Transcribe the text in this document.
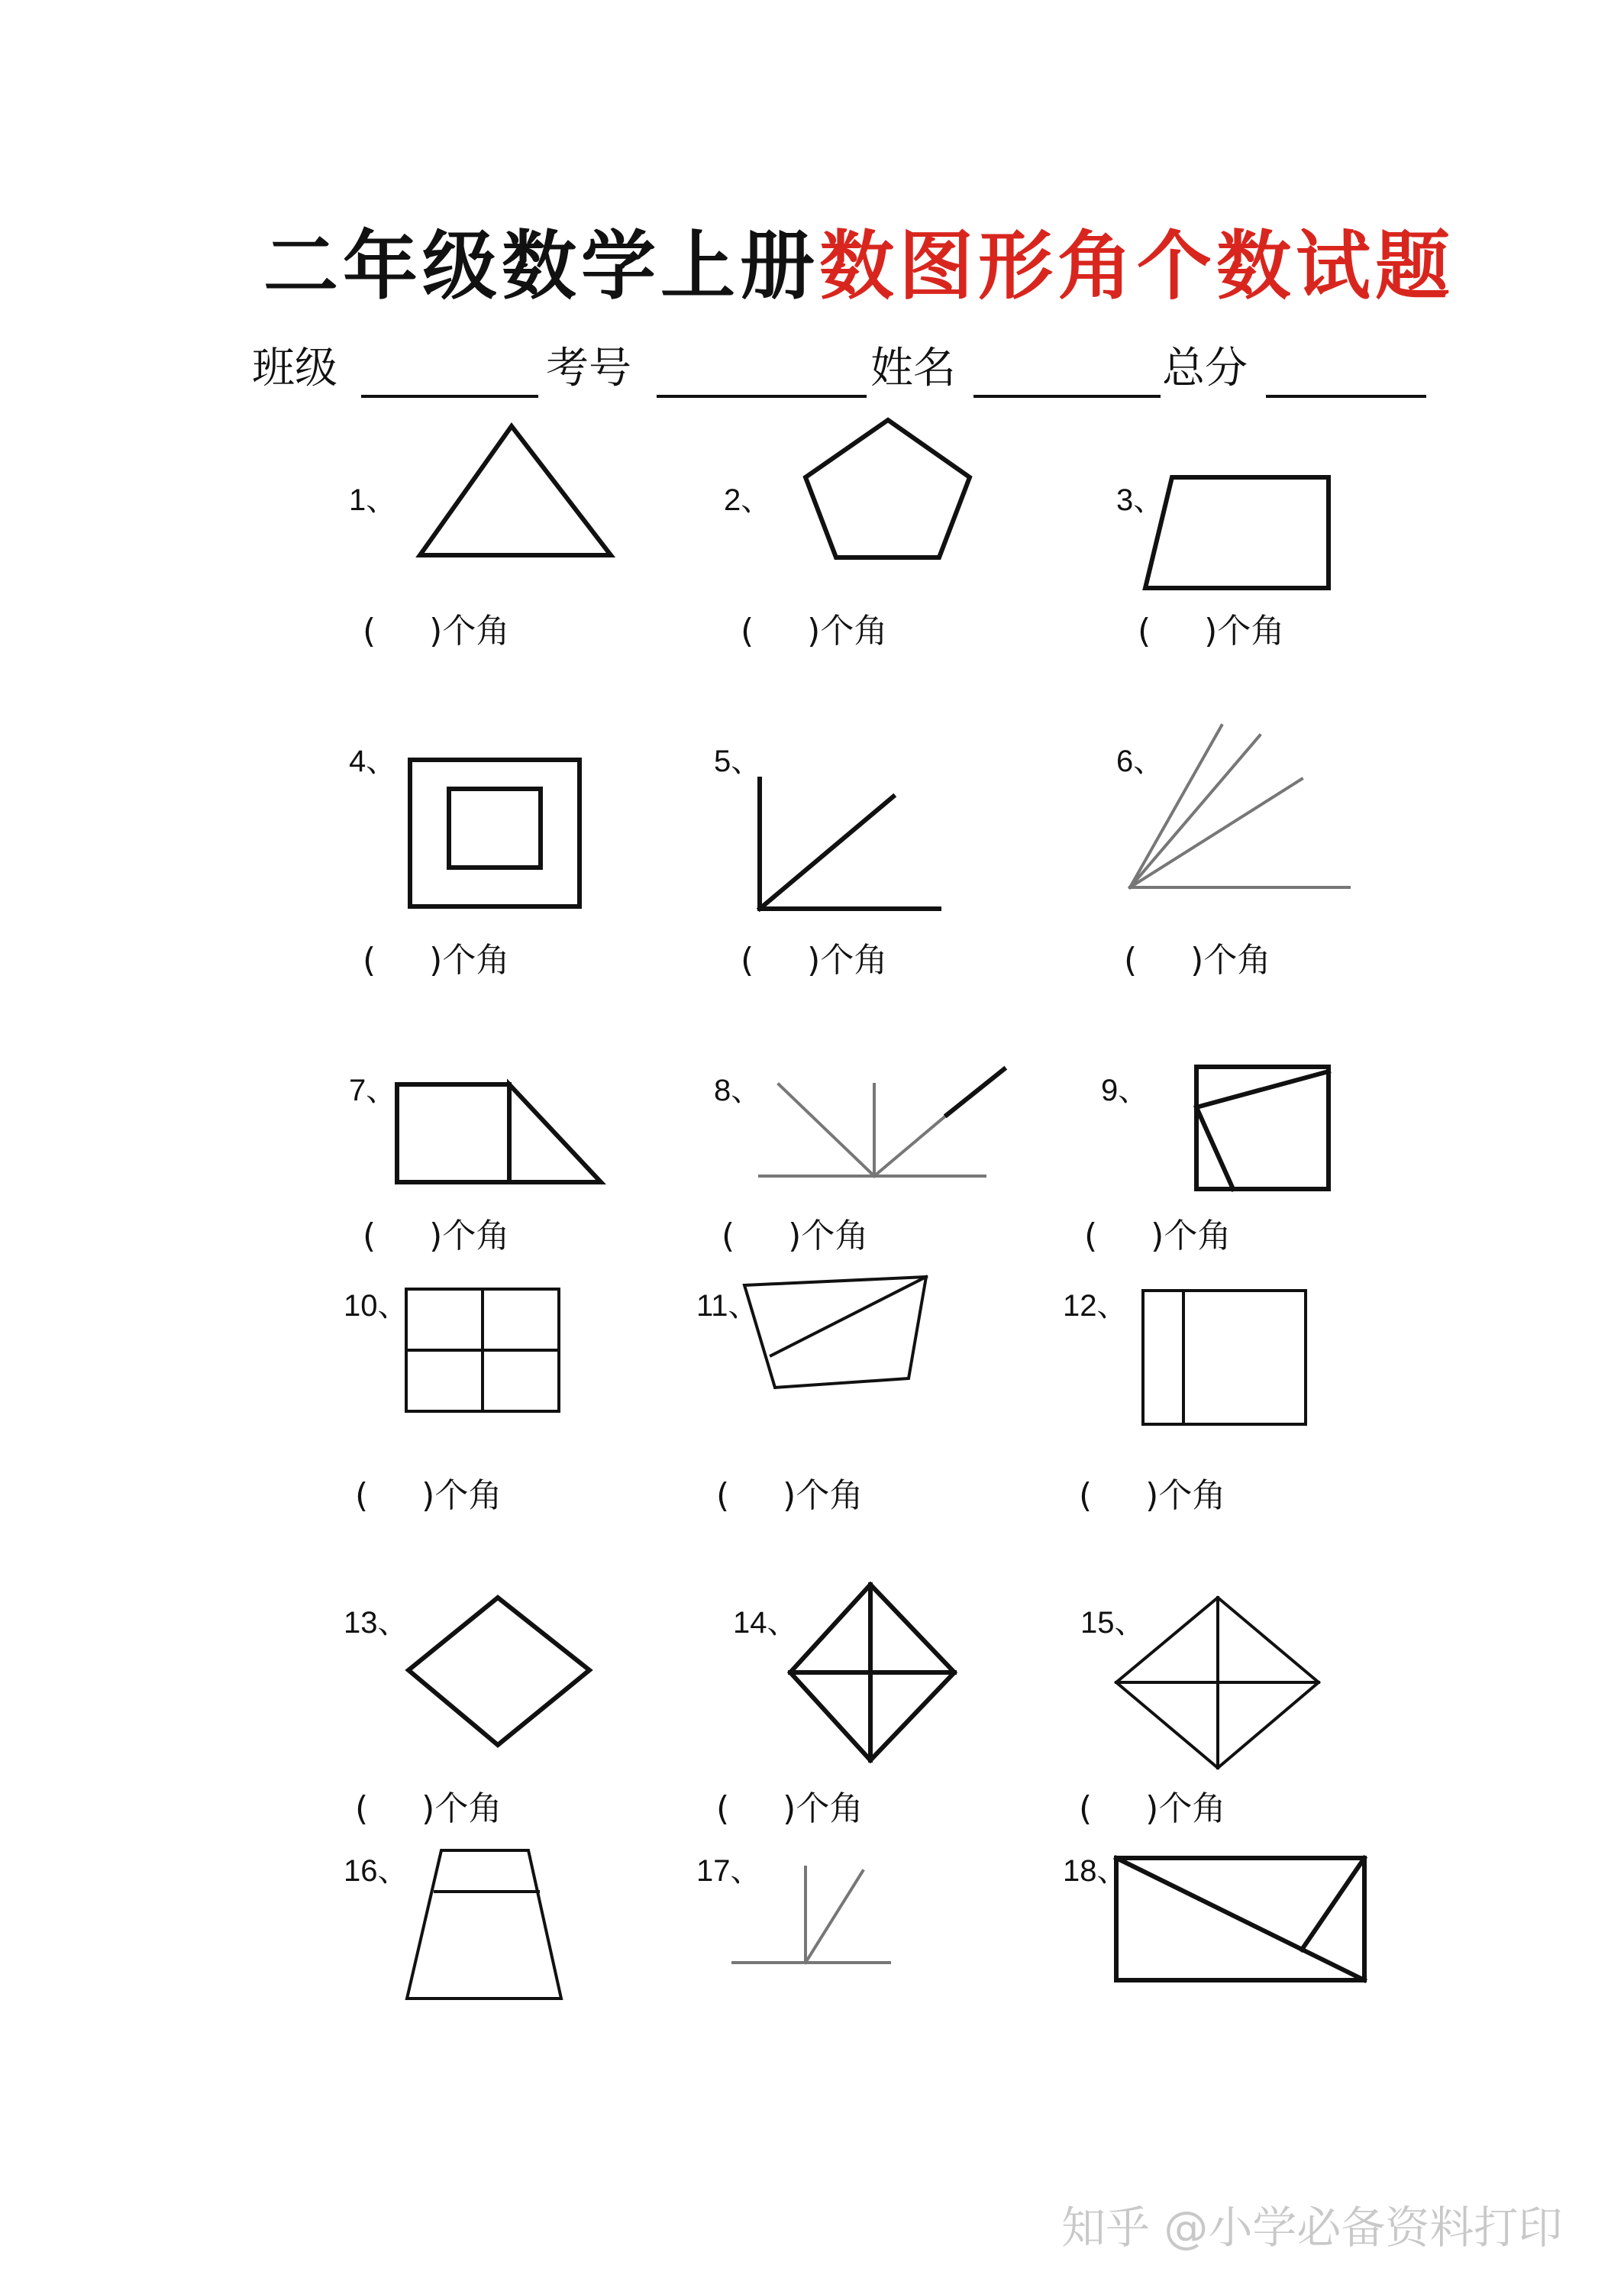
二年级数学上册数图形角个数试题
班级	考号	姓名	总分
1、	2、	3、
4、	5、	6、
7、	8、	9、
10、	11、	12、
13、	14、	15、
16、	17、	18、
( )个角	( )个角	( )个角
( )个角	( )个角	( )个角
( )个角	( )个角	( )个角
( )个角	( )个角	( )个角
( )个角	( )个角	( )个角
知乎 @小学必备资料打印
